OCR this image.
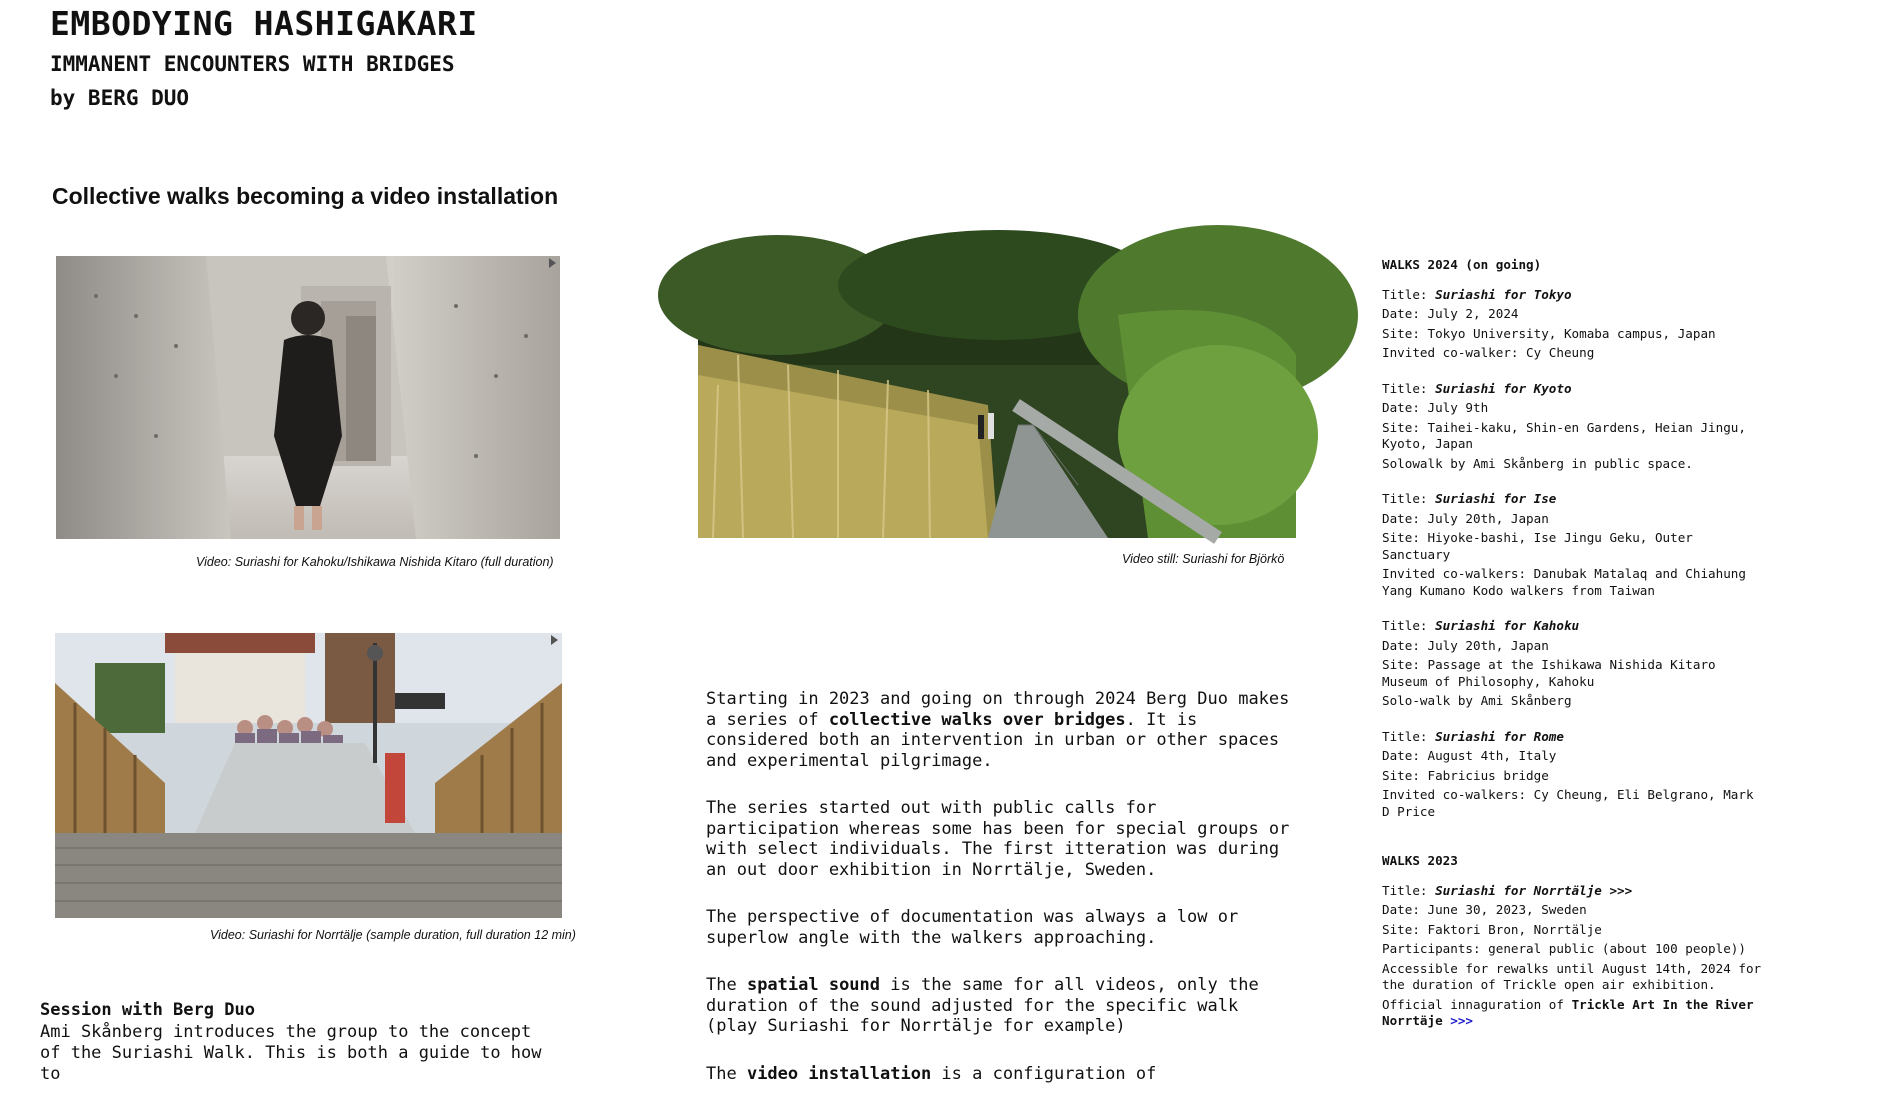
EMBODYING HASHIGAKARI
IMMANENT ENCOUNTERS WITH BRIDGES
by BERG DUO
Collective walks becoming a video installation
Video: Suriashi for Kahoku/Ishikawa Nishida Kitaro (full duration)	Video still: Suriashi for Björkö
Video: Suriashi for Norrtälje (sample duration, full duration 12 min)
Session with Berg Duo
Ami Skånberg introduces the group to the concept of the Suriashi Walk. This is both a guide to how to

Starting in 2023 and going on through 2024 Berg Duo makes a series of collective walks over bridges. It is considered both an intervention in urban or other spaces and experimental pilgrimage.

The series started out with public calls for participation whereas some has been for special groups or with select individuals. The first itteration was during an out door exhibition in Norrtälje, Sweden.

The perspective of documentation was always a low or superlow angle with the walkers approaching.

The spatial sound is the same for all videos, only the duration of the sound adjusted for the specific walk (play Suriashi for Norrtälje for example)

The video installation is a configuration of

WALKS 2024 (on going)
Title: Suriashi for Tokyo
Date: July 2, 2024
Site: Tokyo University, Komaba campus, Japan
Invited co-walker: Cy Cheung
Title: Suriashi for Kyoto
Date: July 9th
Site: Taihei-kaku, Shin-en Gardens, Heian Jingu, Kyoto, Japan
Solowalk by Ami Skånberg in public space.
Title: Suriashi for Ise
Date: July 20th, Japan
Site: Hiyoke-bashi, Ise Jingu Geku, Outer Sanctuary
Invited co-walkers: Danubak Matalaq and Chiahung Yang Kumano Kodo walkers from Taiwan
Title: Suriashi for Kahoku
Date: July 20th, Japan
Site: Passage at the Ishikawa Nishida Kitaro Museum of Philosophy, Kahoku
Solo-walk by Ami Skånberg
Title: Suriashi for Rome
Date: August 4th, Italy
Site: Fabricius bridge
Invited co-walkers: Cy Cheung, Eli Belgrano, Mark D Price
WALKS 2023
Title: Suriashi for Norrtälje >>>
Date: June 30, 2023, Sweden
Site: Faktori Bron, Norrtälje
Participants: general public (about 100 people))
Accessible for rewalks until August 14th, 2024 for the duration of Trickle open air exhibition.
Official innaguration of Trickle Art In the River Norrtäje >>>
